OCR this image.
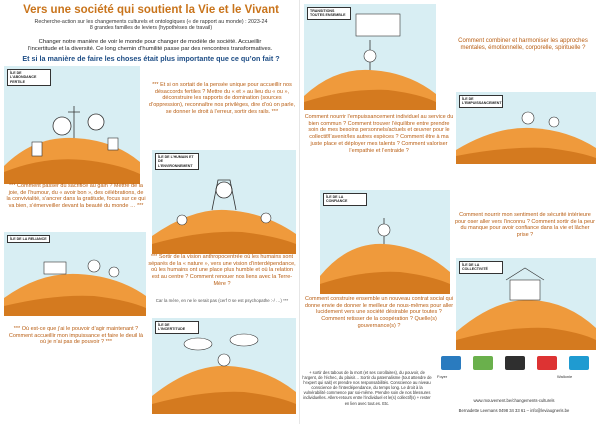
Vers une société qui soutient la Vie et le Vivant
Recherche-action sur les changements culturels et ontologiques (« de rapport au monde) : 2023-24
8 grandes familles de leviers (hypothèses de travail)
Changer notre manière de voir le monde pour changer de modèle de société. Accueillir
l’incertitude et la diversité. Ce long chemin d’humilité passe par des rencontres transformatives.
Et si la manière de faire les choses était plus importante que ce qu’on fait ?
ÎLE DE L’ABONDANCE FERTILE
ÎLE DE L’HUMAIN ET DE L’ENVIRONNEMENT
ÎLE DE LA RELIANCE
ÎLE DE L’INCERTITUDE
*** Et si on sortait de la pensée unique pour accueillir nos désaccords fertiles ? Mettre du « et » au lieu du « ou », déconstruire les rapports de domination (sources d’oppression), reconnaître nos privilèges, dire d’où on parle, se donner le droit à l’erreur, sortir des rails. ***
*** Comment passer du sacrifice au gain ? Mettre de la joie, de l’humour, du « avoir bon », des célébrations, de la convivialité, s’ancrer dans la gratitude, focus sur ce qui va bien, s’émerveiller devant la beauté du monde … ***
*** Sortir de la vision anthropocentrée où les humains sont séparés de la « nature », vers une vision d’interdépendance, où les humains ont une place plus humble et où la relation est au centre ? Comment renouer nos liens avec la Terre-Mère ?
Car la mère, en ne le serait pas (cerf 0 se est psychopathe :-/ …) ***
*** Où est-ce que j’ai le pouvoir d’agir maintenant ? Comment accueillir mon impuissance et faire le deuil là où je n’ai pas de pouvoir ? ***
TRANSITIONS TOUTES ENSEMBLE
ÎLE DE L’EMPUISSANCEMENT
ÎLE DE LA CONFIANCE
ÎLE DE LA COLLECTIVITÉ
Comment combiner et harmoniser les approches mentales, émotionnelle, corporelle, spirituelle ?
Comment nourrir l’empuissancement individuel au service du bien commun ? Comment trouver l’équilibre entre prendre soin de mes besoins personnels/actuels et œuvrer pour le collectif/l’avenir/les autres espèces ? Comment être à ma juste place et déployer mes talents ? Comment valoriser l’empathie et l’entraide ?
Comment nourrir mon sentiment de sécurité intérieure pour oser aller vers l’inconnu ? Comment sortir de la peur du manque pour avoir confiance dans la vie et lâcher prise ?
Comment construire ensemble un nouveau contrat social qui donne envie de donner le meilleur de nous-mêmes pour aller lucidement vers une société désirable pour toutes ? Comment retisser de la coopération ? Quelle(s) gouvernance(s) ?
+ sortir des tabous de la mort (et ses corollaires), du pouvoir, de l’argent, de l’échec, du plaisir… Sortir du paternalisme (tout attendre de l’expert qui sait) et prendre nos responsabilités. Conscience au niveau conscience de l’interdépendance, du temps long. Le droit à la vulnérabilité commence par soi-même. Prendre soin de nos blessures individuelles. Allers-retours entre l’individuel et le(s) collectif(s) + rester en lien avec tout.es. Etc.
Foyer	Wallonie
www.mouvement.be/changements-culturels
Bernadette Leemans 0498 34 33 61 – info@leviaugneris.be
